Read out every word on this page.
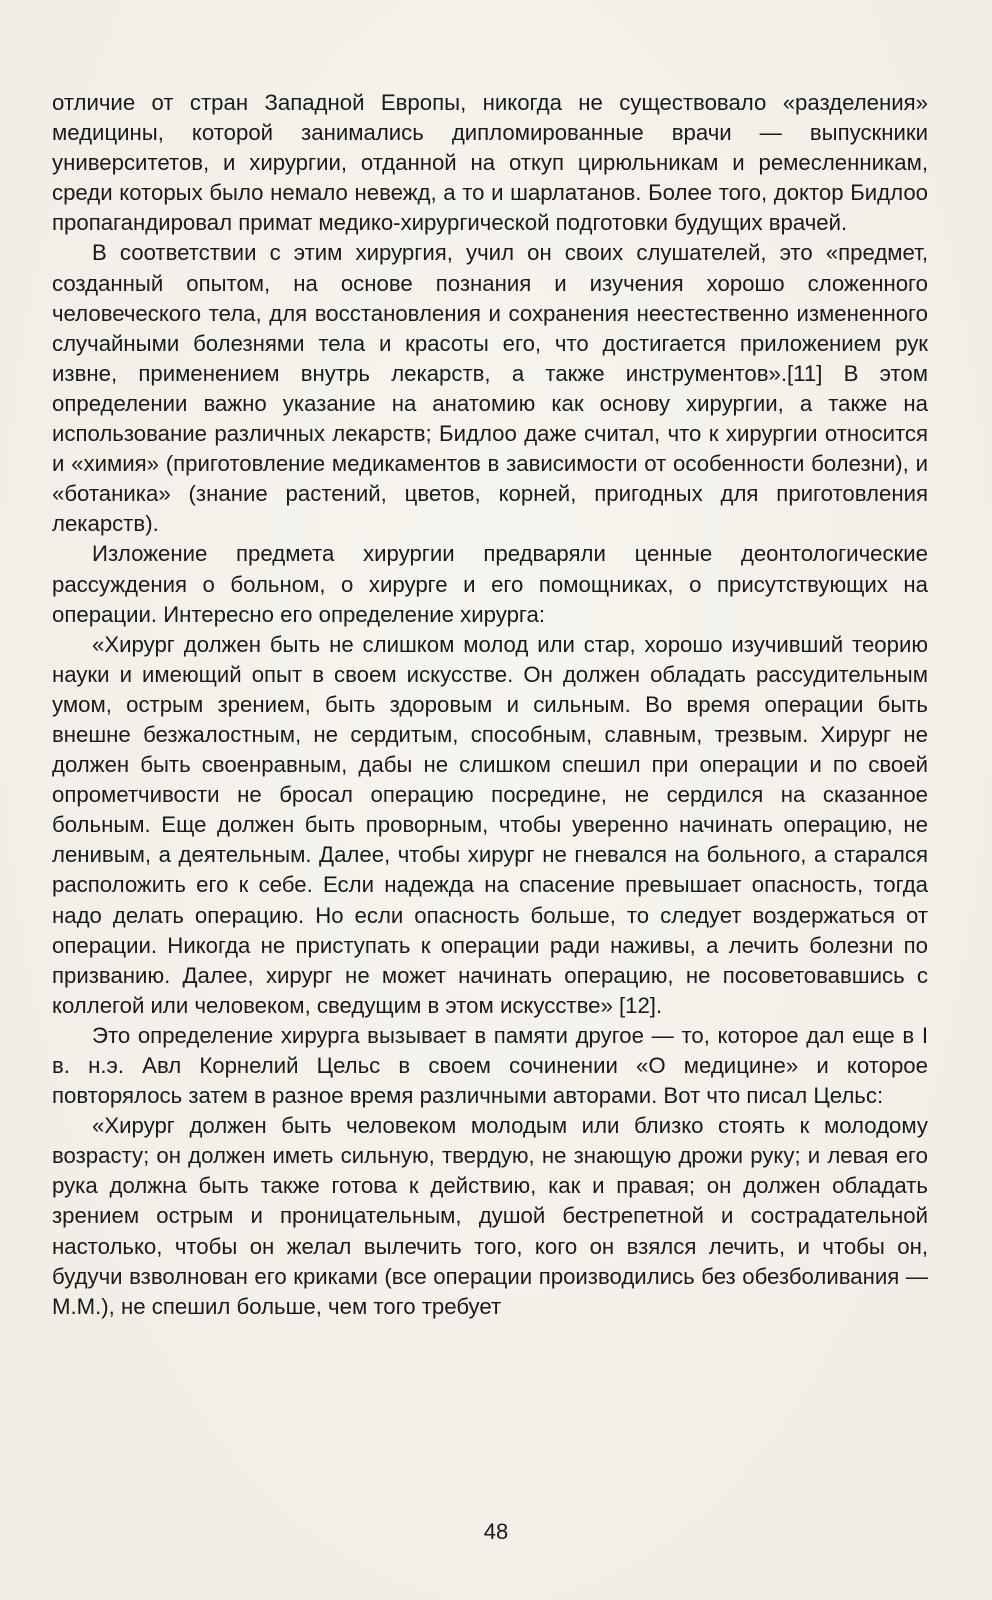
отличие от стран Западной Европы, никогда не существовало «разделения» медицины, которой занимались дипломированные врачи — выпускники университетов, и хирургии, отданной на откуп цирюльникам и ремесленникам, среди которых было немало невежд, а то и шарлатанов. Более того, доктор Бидлоо пропагандировал примат медико-хирургической подготовки будущих врачей.

В соответствии с этим хирургия, учил он своих слушателей, это «предмет, созданный опытом, на основе познания и изучения хорошо сложенного человеческого тела, для восстановления и сохранения неестественно измененного случайными болезнями тела и красоты его, что достигается приложением рук извне, применением внутрь лекарств, а также инструментов».[11] В этом определении важно указание на анатомию как основу хирургии, а также на использование различных лекарств; Бидлоо даже считал, что к хирургии относится и «химия» (приготовление медикаментов в зависимости от особенности болезни), и «ботаника» (знание растений, цветов, корней, пригодных для приготовления лекарств).

Изложение предмета хирургии предваряли ценные деонтологические рассуждения о больном, о хирурге и его помощниках, о присутствующих на операции. Интересно его определение хирурга:

«Хирург должен быть не слишком молод или стар, хорошо изучивший теорию науки и имеющий опыт в своем искусстве. Он должен обладать рассудительным умом, острым зрением, быть здоровым и сильным. Во время операции быть внешне безжалостным, не сердитым, способным, славным, трезвым. Хирург не должен быть своенравным, дабы не слишком спешил при операции и по своей опрометчивости не бросал операцию посредине, не сердился на сказанное больным. Еще должен быть проворным, чтобы уверенно начинать операцию, не ленивым, а деятельным. Далее, чтобы хирург не гневался на больного, а старался расположить его к себе. Если надежда на спасение превышает опасность, тогда надо делать операцию. Но если опасность больше, то следует воздержаться от операции. Никогда не приступать к операции ради наживы, а лечить болезни по призванию. Далее, хирург не может начинать операцию, не посоветовавшись с коллегой или человеком, сведущим в этом искусстве» [12].

Это определение хирурга вызывает в памяти другое — то, которое дал еще в I в. н.э. Авл Корнелий Цельс в своем сочинении «О медицине» и которое повторялось затем в разное время различными авторами. Вот что писал Цельс:

«Хирург должен быть человеком молодым или близко стоять к молодому возрасту; он должен иметь сильную, твердую, не знающую дрожи руку; и левая его рука должна быть также готова к действию, как и правая; он должен обладать зрением острым и проницательным, душой бестрепетной и сострадательной настолько, чтобы он желал вылечить того, кого он взялся лечить, и чтобы он, будучи взволнован его криками (все операции производились без обезболивания — М.М.), не спешил больше, чем того требует

48
